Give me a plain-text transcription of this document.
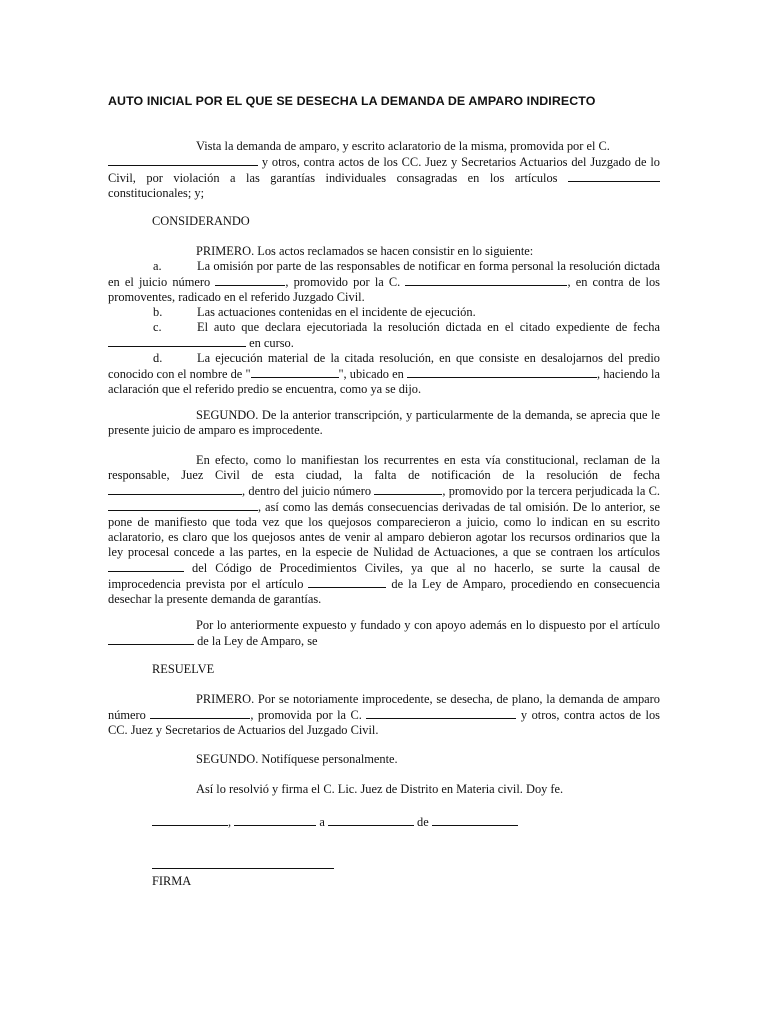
AUTO INICIAL POR EL QUE SE DESECHA LA DEMANDA DE AMPARO INDIRECTO

Vista la demanda de amparo, y escrito aclaratorio de la misma, promovida por el C.
y otros, contra actos de los CC. Juez y Secretarios Actuarios del Juzgado de lo Civil, por violación a las garantías individuales consagradas en los artículos  constitucionales; y;

CONSIDERANDO

PRIMERO. Los actos reclamados se hacen consistir en lo siguiente:

a.	La omisión por parte de las responsables de notificar en forma personal la resolución dictada en el juicio número	, promovido por la C.	, en contra de los promoventes, radicado en el referido Juzgado Civil.

b.	Las actuaciones contenidas en el incidente de ejecución.

c.	El auto que declara ejecutoriada la resolución dictada en el citado expediente de fecha  en curso.

d.	La ejecución material de la citada resolución, en que consiste en desalojarnos del predio conocido con el nombre de "	", ubicado en	, haciendo la aclaración que el referido predio se encuentra, como ya se dijo.

SEGUNDO. De la anterior transcripción, y particularmente de la demanda, se aprecia que le presente juicio de amparo es improcedente.

En efecto, como lo manifiestan los recurrentes en esta vía constitucional, reclaman de la responsable, Juez Civil de esta ciudad, la falta de notificación de la resolución de fecha , dentro del juicio número	, promovido por la tercera perjudicada la C. , así como las demás consecuencias derivadas de tal omisión. De lo anterior, se pone de manifiesto que toda vez que los quejosos comparecieron a juicio, como lo indican en su escrito aclaratorio, es claro que los quejosos antes de venir al amparo debieron agotar los recursos ordinarios que la ley procesal concede a las partes, en la especie de Nulidad de Actuaciones, a que se contraen los artículos  del Código de Procedimientos Civiles, ya que al no hacerlo, se surte la causal de improcedencia prevista por el artículo	de la Ley de Amparo, procediendo en consecuencia desechar la presente demanda de garantías.

Por lo anteriormente expuesto y fundado y con apoyo además en lo dispuesto por el artículo  de la Ley de Amparo, se

RESUELVE

PRIMERO. Por se notoriamente improcedente, se desecha, de plano, la demanda de amparo número	, promovida por la C.	y otros, contra actos de los CC. Juez y Secretarios de Actuarios del Juzgado Civil.

SEGUNDO. Notifíquese personalmente.

Así lo resolvió y firma el C. Lic. Juez de Distrito en Materia civil. Doy fe.

,	a	de
FIRMA
